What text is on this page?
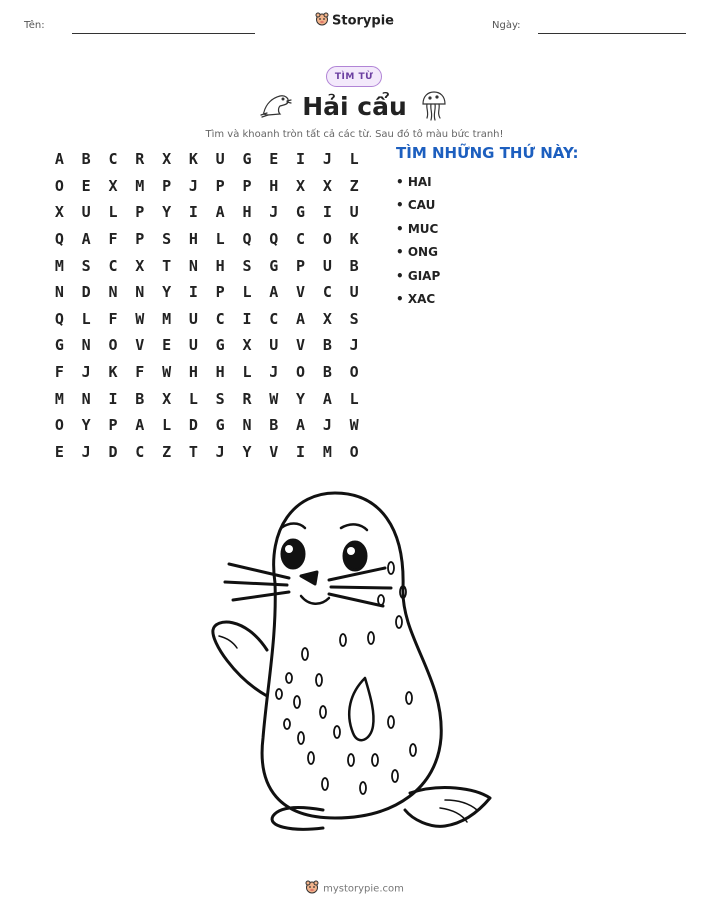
Tên:	Storypie	Ngày:
TÌM TỪ
Hải cẩu
Tìm và khoanh tròn tất cả các từ. Sau đó tô màu bức tranh!
A	B	C	R	X	K	U	G	E	I	J	L
O	E	X	M	P	J	P	P	H	X	X	Z
X	U	L	P	Y	I	A	H	J	G	I	U
Q	A	F	P	S	H	L	Q	Q	C	O	K
M	S	C	X	T	N	H	S	G	P	U	B
N	D	N	N	Y	I	P	L	A	V	C	U
Q	L	F	W	M	U	C	I	C	A	X	S
G	N	O	V	E	U	G	X	U	V	B	J
F	J	K	F	W	H	H	L	J	O	B	O
M	N	I	B	X	L	S	R	W	Y	A	L
O	Y	P	A	L	D	G	N	B	A	J	W
E	J	D	C	Z	T	J	Y	V	I	M	O
TÌM NHỮNG THỨ NÀY:
• HAI
• CAU
• MUC
• ONG
• GIAP
• XAC
mystorypie.com
